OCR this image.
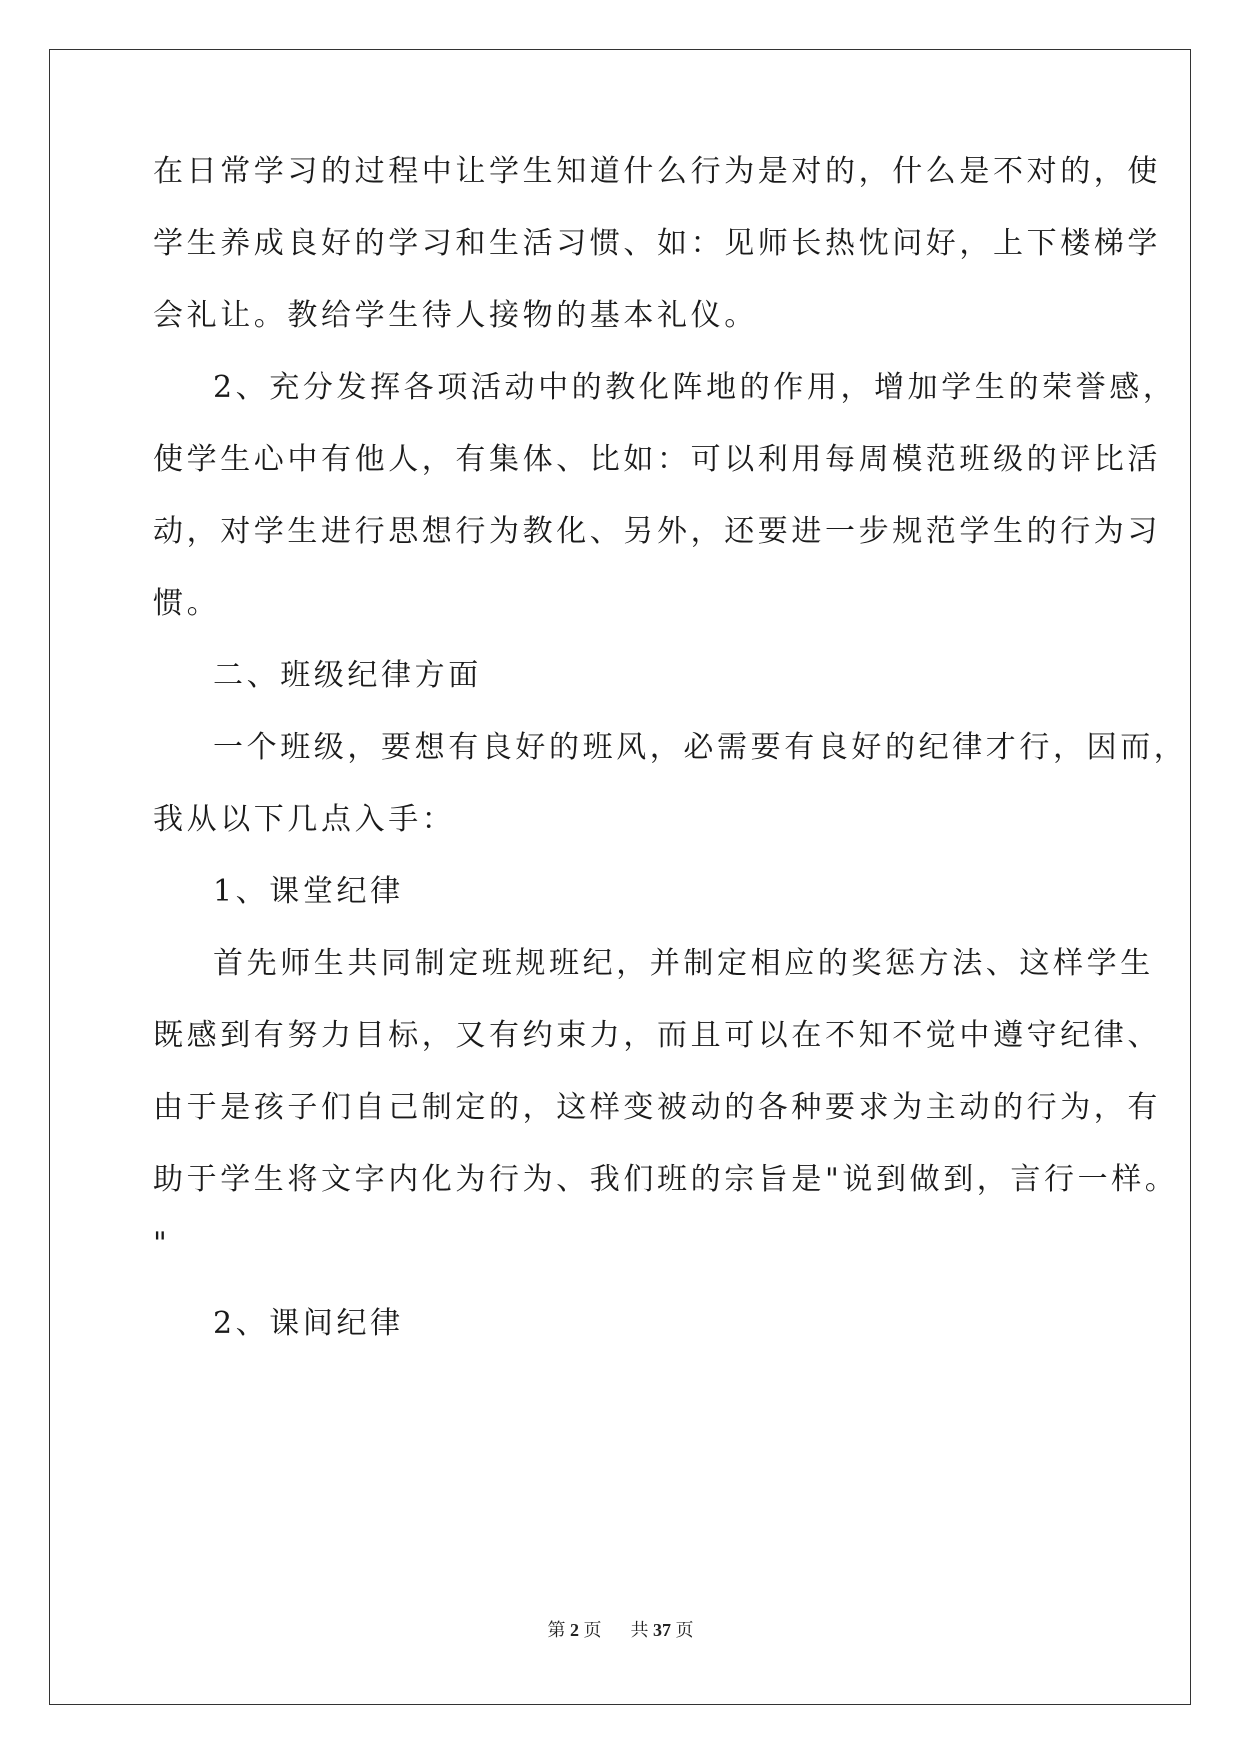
在日常学习的过程中让学生知道什么行为是对的，什么是不对的，使
学生养成良好的学习和生活习惯、如：见师长热忱问好，上下楼梯学
会礼让。教给学生待人接物的基本礼仪。
2、充分发挥各项活动中的教化阵地的作用，增加学生的荣誉感，
使学生心中有他人，有集体、比如：可以利用每周模范班级的评比活
动，对学生进行思想行为教化、另外，还要进一步规范学生的行为习
惯。
二、班级纪律方面
一个班级，要想有良好的班风，必需要有良好的纪律才行，因而，
我从以下几点入手：
1、课堂纪律
首先师生共同制定班规班纪，并制定相应的奖惩方法、这样学生
既感到有努力目标，又有约束力，而且可以在不知不觉中遵守纪律、
由于是孩子们自己制定的，这样变被动的各种要求为主动的行为，有
助于学生将文字内化为行为、我们班的宗旨是"说到做到，言行一样。
"
2、课间纪律
第 2 页 共 37 页
